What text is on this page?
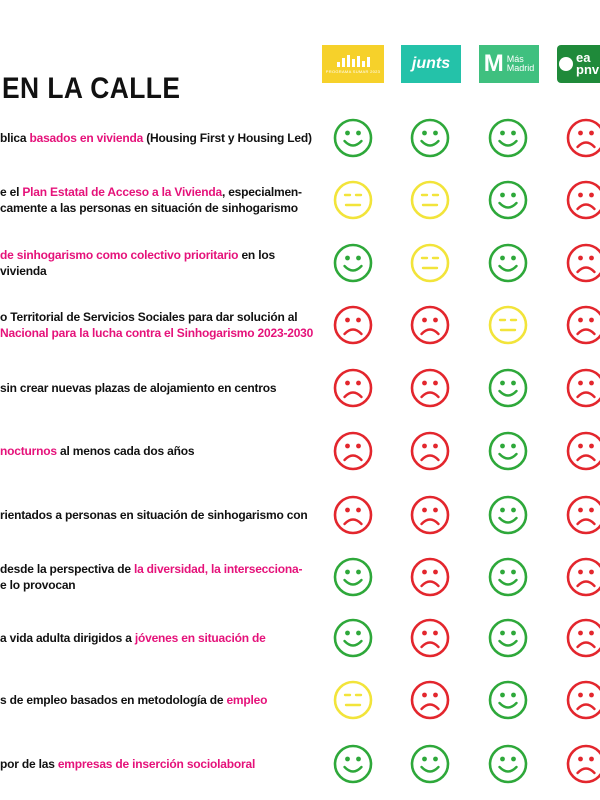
EN LA CALLE
PROGRAMA SUMAR 2023	junts	M Más
Madrid
ea
pnv
blica basados en vivienda (Housing First y Housing Led)
e el Plan Estatal de Acceso a la Vivienda, especialmen-
camente a las personas en situación de sinhogarismo
de sinhogarismo como colectivo prioritario en los
vivienda
o Territorial de Servicios Sociales para dar solución al
Nacional para la lucha contra el Sinhogarismo 2023-2030
sin crear nuevas plazas de alojamiento en centros
nocturnos al menos cada dos años
rientados a personas en situación de sinhogarismo con
desde la perspectiva de la diversidad, la intersecciona-
e lo provocan
a vida adulta dirigidos a jóvenes en situación de
s de empleo basados en metodología de empleo
por de las empresas de inserción sociolaboral
